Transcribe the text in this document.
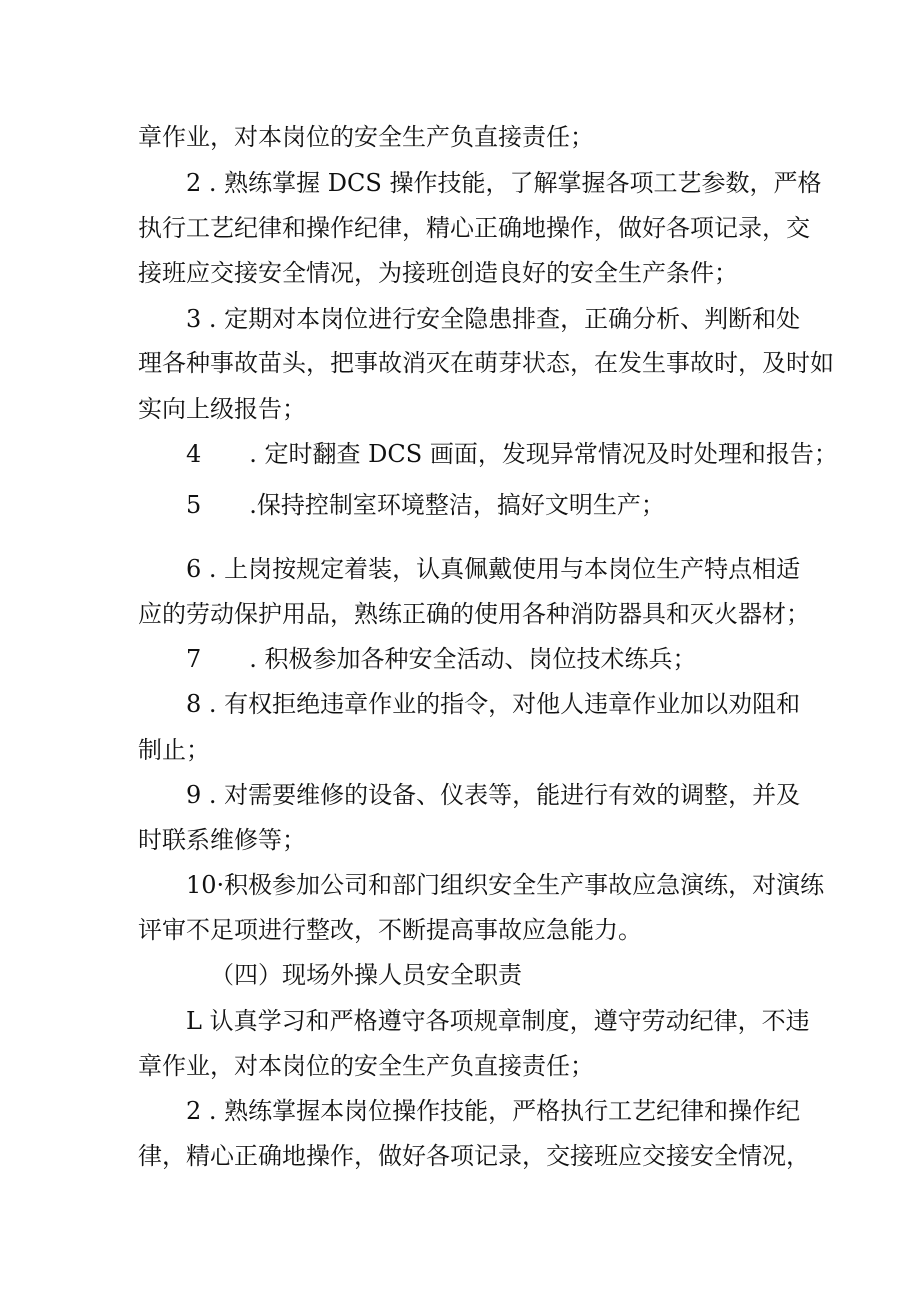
章作业，对本岗位的安全生产负直接责任；
2 . 熟练掌握 DCS 操作技能，了解掌握各项工艺参数，严格
执行工艺纪律和操作纪律，精心正确地操作，做好各项记录，交
接班应交接安全情况，为接班创造良好的安全生产条件；
3 . 定期对本岗位进行安全隐患排查，正确分析、判断和处
理各种事故苗头，把事故消灭在萌芽状态，在发生事故时，及时如
实向上级报告；
4　　. 定时翻查 DCS 画面，发现异常情况及时处理和报告；
5　　.保持控制室环境整洁，搞好文明生产；
6 . 上岗按规定着装，认真佩戴使用与本岗位生产特点相适
应的劳动保护用品，熟练正确的使用各种消防器具和灭火器材；
7　　. 积极参加各种安全活动、岗位技术练兵；
8 . 有权拒绝违章作业的指令，对他人违章作业加以劝阻和
制止；
9 . 对需要维修的设备、仪表等，能进行有效的调整，并及
时联系维修等；
10·积极参加公司和部门组织安全生产事故应急演练，对演练
评审不足项进行整改，不断提高事故应急能力。
（四）现场外操人员安全职责
L 认真学习和严格遵守各项规章制度，遵守劳动纪律，不违
章作业，对本岗位的安全生产负直接责任；
2 . 熟练掌握本岗位操作技能，严格执行工艺纪律和操作纪
律，精心正确地操作，做好各项记录，交接班应交接安全情况，
